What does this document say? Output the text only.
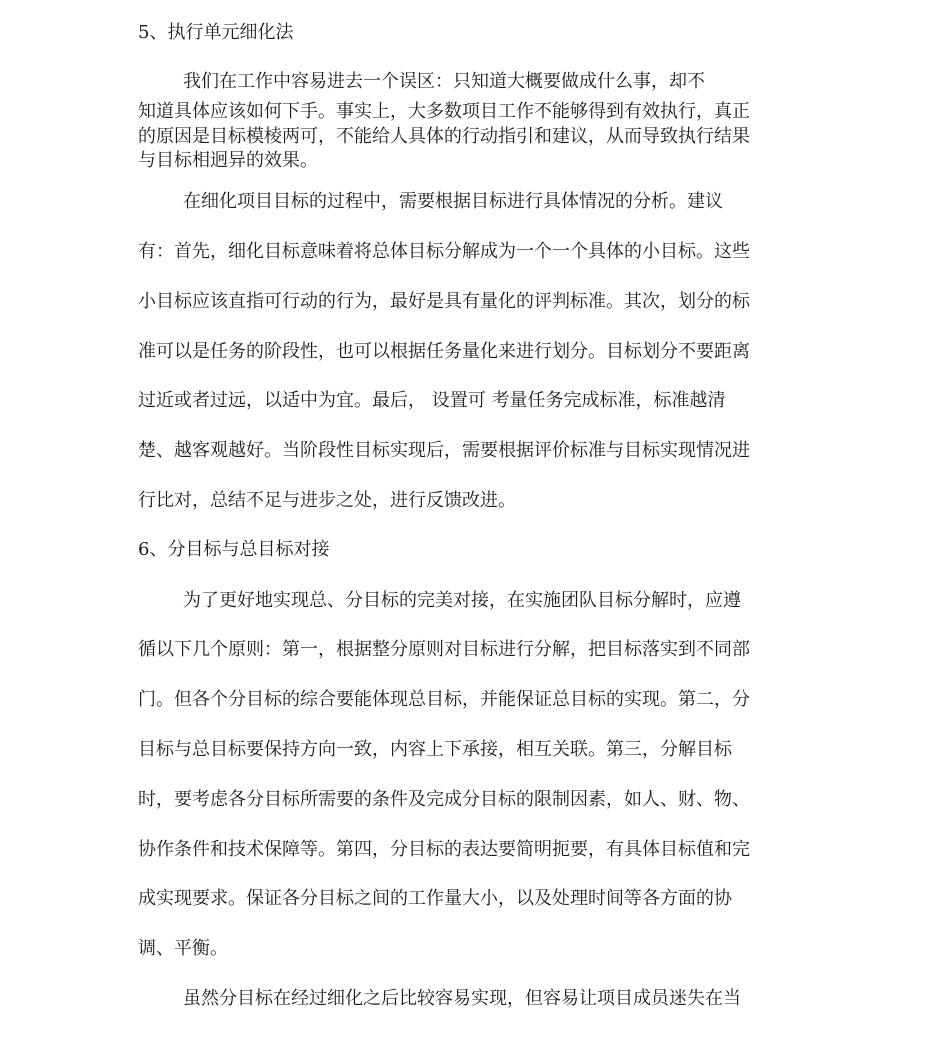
5、执行单元细化法

我们在工作中容易进去一个误区：只知道大概要做成什么事，却不

知道具体应该如何下手。事实上，大多数项目工作不能够得到有效执行，真正

的原因是目标模棱两可，不能给人具体的行动指引和建议，从而导致执行结果

与目标相迥异的效果。

在细化项目目标的过程中，需要根据目标进行具体情况的分析。建议

有：首先，细化目标意味着将总体目标分解成为一个一个具体的小目标。这些

小目标应该直指可行动的行为，最好是具有量化的评判标准。其次，划分的标

准可以是任务的阶段性，也可以根据任务量化来进行划分。目标划分不要距离

过近或者过远，以适中为宜。最后， 设置可 考量任务完成标准，标准越清

楚、越客观越好。当阶段性目标实现后，需要根据评价标准与目标实现情况进

行比对，总结不足与进步之处，进行反馈改进。

6、分目标与总目标对接

为了更好地实现总、分目标的完美对接，在实施团队目标分解时，应遵

循以下几个原则：第一，根据整分原则对目标进行分解，把目标落实到不同部

门。但各个分目标的综合要能体现总目标，并能保证总目标的实现。第二，分

目标与总目标要保持方向一致，内容上下承接，相互关联。第三，分解目标

时，要考虑各分目标所需要的条件及完成分目标的限制因素，如人、财、物、

协作条件和技术保障等。第四，分目标的表达要简明扼要，有具体目标值和完

成实现要求。保证各分目标之间的工作量大小，以及处理时间等各方面的协

调、平衡。

虽然分目标在经过细化之后比较容易实现，但容易让项目成员迷失在当
